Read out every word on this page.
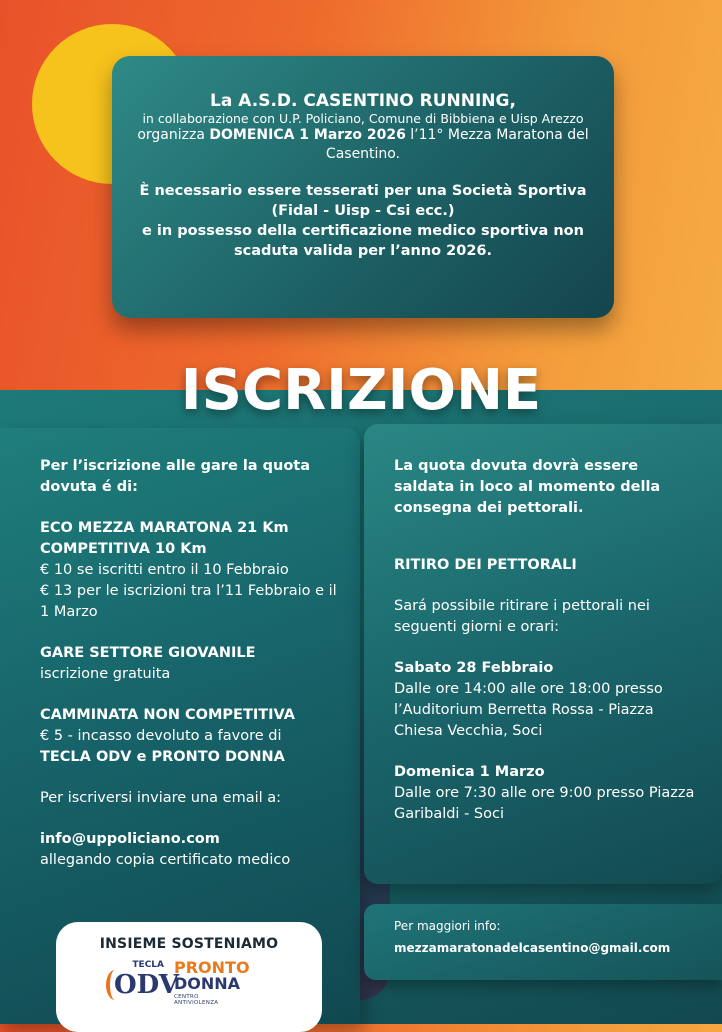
La A.S.D. CASENTINO RUNNING,
in collaborazione con U.P. Policiano, Comune di Bibbiena e Uisp Arezzo
organizza DOMENICA 1 Marzo 2026 l’11° Mezza Maratona del Casentino.
È necessario essere tesserati per una Società Sportiva (Fidal - Uisp - Csi ecc.)
e in possesso della certificazione medico sportiva non scaduta valida per l’anno 2026.
ISCRIZIONE

Per l’iscrizione alle gare la quota dovuta é di:

ECO MEZZA MARATONA 21 Km

COMPETITIVA 10 Km

€ 10 se iscritti entro il 10 Febbraio

€ 13 per le iscrizioni tra l’11 Febbraio e il 1 Marzo

GARE SETTORE GIOVANILE

iscrizione gratuita

CAMMINATA NON COMPETITIVA

€ 5 - incasso devoluto a favore di

TECLA ODV e PRONTO DONNA

Per iscriversi inviare una email a:

info@uppoliciano.com

allegando copia certificato medico

La quota dovuta dovrà essere saldata in loco al momento della consegna dei pettorali.

RITIRO DEI PETTORALI

Sará possibile ritirare i pettorali nei seguenti giorni e orari:

Sabato 28 Febbraio

Dalle ore 14:00 alle ore 18:00 presso l’Auditorium Berretta Rossa - Piazza Chiesa Vecchia, Soci

Domenica 1 Marzo

Dalle ore 7:30 alle ore 9:00 presso Piazza Garibaldi - Soci

Per maggiori info:
mezzamaratonadelcasentino@gmail.com
INSIEME SOSTENIAMO
TECLA
ODV
PRONTO
DONNA
CENTRO ANTIVIOLENZA
